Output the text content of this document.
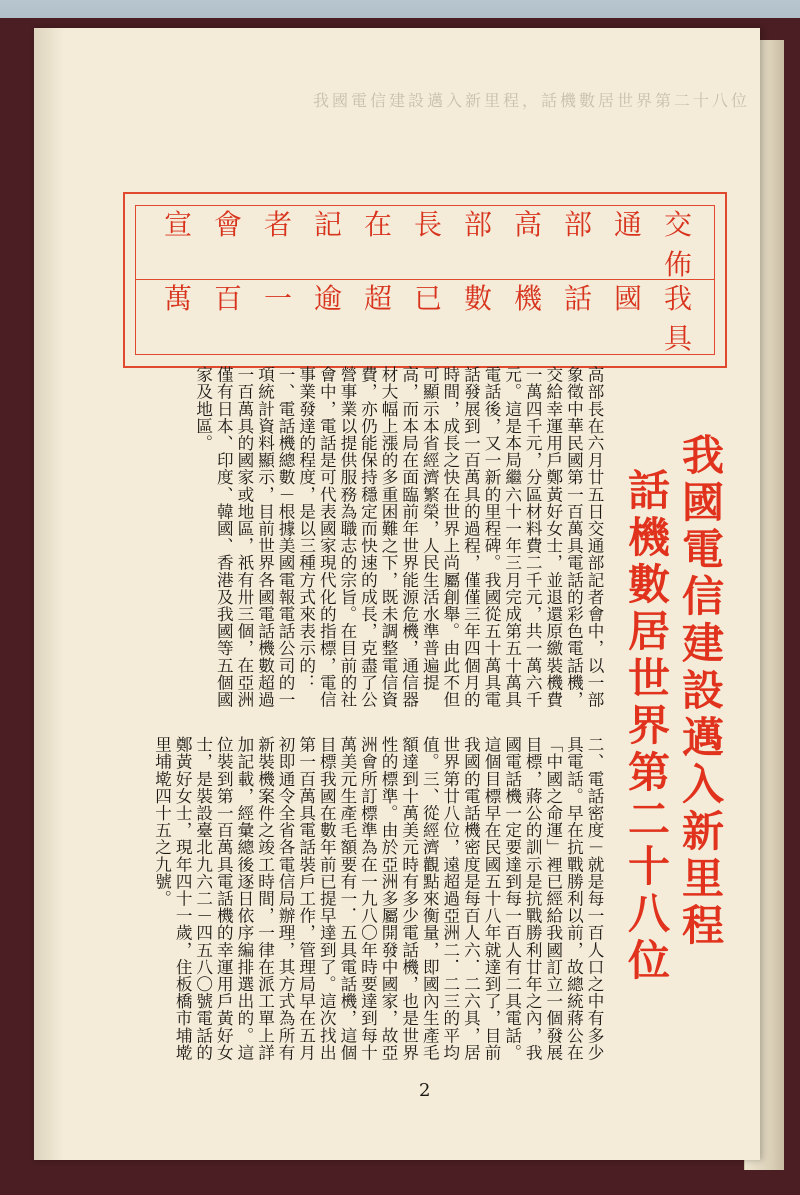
我國電信建設邁入新里程，話機數居世界第二十八位
交通部高部長在記者會宣佈
我國話機數已超逾一百萬具
我國電信建設邁入新里程
話機數居世界第二十八位
高部長在六月廿五日交通部記者會中，以一部象徵中華民國第一百萬具電話的彩色電話機，交給幸運用戶鄭黃好女士，並退還原繳裝機費一萬四千元，分區材料費二千元，共一萬六千元。這是本局繼六十一年三月完成第五十萬具電話後，又一新的里程碑。我國從五十萬具電話發展到一百萬具的過程，僅僅三年四個月的時間，成長之快在世界上尚屬創舉。由此不但可顯示本省經濟繁榮，人民生活水準普遍提高，而本局在面臨前年世界能源危機，通信器材大幅上漲的多重困難之下，既未調整電信資費，亦仍能保持穩定而快速的成長，克盡了公營事業以提供服務為職志的宗旨。在目前的社會中，電話是可代表國家現代化的指標，電信事業發達的程度，是以三種方式來表示的：一、電話機總數－根據美國電報電話公司的一項統計資料顯示，目前世界各國電話機數超過一百萬具的國家或地區，祇有卅三個，在亞洲僅有日本、印度、韓國、香港及我國等五個國家及地區。
二、電話密度－就是每一百人口之中有多少具電話。早在抗戰勝利以前，故總統蔣公在「中國之命運」裡已經給我國訂立一個發展目標，蔣公的訓示是抗戰勝利廿年之內，我國電話機一定要達到每一百人有二具電話。這個目標早在民國五十八年就達到了，目前我國的電話機密度是每百人六．二六具，居世界第廿八位，遠超過亞洲二．二三的平均值。三、從經濟觀點來衡量，即國內生產毛額達到十萬美元時有多少電話機，也是世界性的標準。由於亞洲多屬開發中國家，故亞洲會所訂標準為在一九八〇年時要達到每十萬美元生產毛額要有一．五具電話機，這個目標我國在數年前已提早達到了。這次找出第一百萬具電話裝戶工作，管理局早在五月初即通令全省各電信局辦理，其方式為所有新裝機案件之竣工時間，一律在派工單上詳加記載，經彙總後逐日依序編排選出的。這位裝到第一百萬具電話機的幸運用戶黃好女士，是裝設臺北九六二－四五八〇號電話的鄭黃好女士，現年四十一歲，住板橋市埔墘里埔墘四十五之九號。
2
